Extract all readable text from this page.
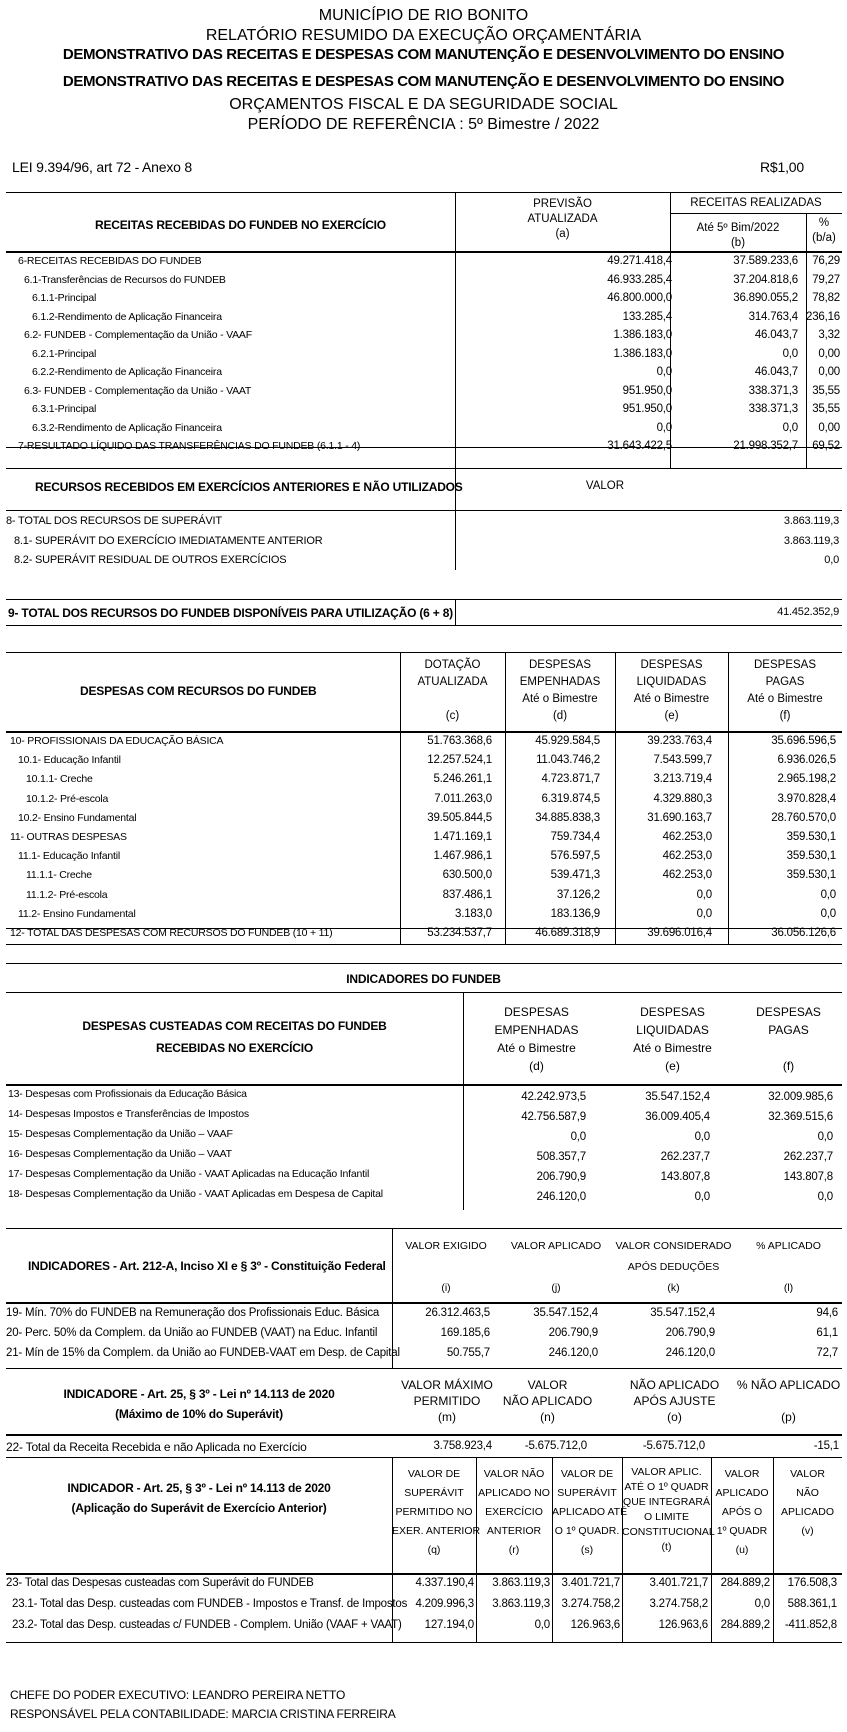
MUNICÍPIO DE RIO BONITO
RELATÓRIO RESUMIDO DA EXECUÇÃO ORÇAMENTÁRIA
DEMONSTRATIVO DAS RECEITAS E DESPESAS COM MANUTENÇÃO E DESENVOLVIMENTO DO ENSINO
DEMONSTRATIVO DAS RECEITAS E DESPESAS COM MANUTENÇÃO E DESENVOLVIMENTO DO ENSINO
ORÇAMENTOS FISCAL E DA SEGURIDADE SOCIAL
PERÍODO DE REFERÊNCIA : 5º Bimestre / 2022
LEI 9.394/96, art 72 - Anexo 8	R$1,00
RECEITAS RECEBIDAS DO FUNDEB NO EXERCÍCIO
PREVISÃO
ATUALIZADA
(a)
RECEITAS REALIZADAS
Até 5º Bim/2022
(b)
%
(b/a)
6-RECEITAS RECEBIDAS DO FUNDEB	49.271.418,4	37.589.233,6 76,29
6.1-Transferências de Recursos do FUNDEB	46.933.285,4	37.204.818,6 79,27
6.1.1-Principal	46.800.000,0	36.890.055,2 78,82
6.1.2-Rendimento de Aplicação Financeira	133.285,4	314.763,4 236,16
6.2- FUNDEB - Complementação da União - VAAF	1.386.183,0	46.043,7 3,32
6.2.1-Principal	1.386.183,0	0,0 0,00
6.2.2-Rendimento de Aplicação Financeira	0,0	46.043,7 0,00
6.3- FUNDEB - Complementação da União - VAAT	951.950,0	338.371,3 35,55
6.3.1-Principal	951.950,0	338.371,3 35,55
6.3.2-Rendimento de Aplicação Financeira	0,0	0,0 0,00
7-RESULTADO LÍQUIDO DAS TRANSFERÊNCIAS DO FUNDEB (6.1.1 - 4)	31.643.422,5	21.998.352,7 69,52
RECURSOS RECEBIDOS EM EXERCÍCIOS ANTERIORES E NÃO UTILIZADOS	VALOR
8- TOTAL DOS RECURSOS DE SUPERÁVIT	3.863.119,3
8.1- SUPERÁVIT DO EXERCÍCIO IMEDIATAMENTE ANTERIOR	3.863.119,3
8.2- SUPERÁVIT RESIDUAL DE OUTROS EXERCÍCIOS	0,0
9- TOTAL DOS RECURSOS DO FUNDEB DISPONÍVEIS PARA UTILIZAÇÃO (6 + 8)	41.452.352,9
DESPESAS COM RECURSOS DO FUNDEB
DOTAÇÃO
ATUALIZADA

(c)
DESPESAS
EMPENHADAS
Até o Bimestre
(d)
DESPESAS
LIQUIDADAS
Até o Bimestre
(e)
DESPESAS
PAGAS
Até o Bimestre
(f)
10- PROFISSIONAIS DA EDUCAÇÃO BÁSICA	51.763.368,6	45.929.584,5	39.233.763,4	35.696.596,5
10.1- Educação Infantil	12.257.524,1	11.043.746,2	7.543.599,7	6.936.026,5
10.1.1- Creche	5.246.261,1	4.723.871,7	3.213.719,4	2.965.198,2
10.1.2- Pré-escola	7.011.263,0	6.319.874,5	4.329.880,3	3.970.828,4
10.2- Ensino Fundamental	39.505.844,5	34.885.838,3	31.690.163,7	28.760.570,0
11- OUTRAS DESPESAS	1.471.169,1	759.734,4	462.253,0	359.530,1
11.1- Educação Infantil	1.467.986,1	576.597,5	462.253,0	359.530,1
11.1.1- Creche	630.500,0	539.471,3	462.253,0	359.530,1
11.1.2- Pré-escola	837.486,1	37.126,2	0,0	0,0
11.2- Ensino Fundamental	3.183,0	183.136,9	0,0	0,0
12- TOTAL DAS DESPESAS COM RECURSOS DO FUNDEB (10 + 11)	53.234.537,7	46.689.318,9	39.696.016,4	36.056.126,6
INDICADORES DO FUNDEB
DESPESAS CUSTEADAS COM RECEITAS DO FUNDEB
RECEBIDAS NO EXERCÍCIO
DESPESAS
EMPENHADAS
Até o Bimestre
(d)
DESPESAS
LIQUIDADAS
Até o Bimestre
(e)
DESPESAS
PAGAS

(f)
13- Despesas com Profissionais da Educação Básica	42.242.973,5	35.547.152,4	32.009.985,6
14- Despesas Impostos e Transferências de Impostos	42.756.587,9	36.009.405,4	32.369.515,6
15- Despesas Complementação da União – VAAF	0,0	0,0	0,0
16- Despesas Complementação da União – VAAT	508.357,7	262.237,7	262.237,7
17- Despesas Complementação da União - VAAT Aplicadas na Educação Infantil	206.790,9	143.807,8	143.807,8
18- Despesas Complementação da União - VAAT Aplicadas em Despesa de Capital	246.120,0	0,0	0,0
INDICADORES - Art. 212-A, Inciso XI e § 3º - Constituição Federal
VALOR EXIGIDO

(i)
VALOR APLICADO

(j)
VALOR CONSIDERADO
APÓS DEDUÇÕES
(k)
% APLICADO

(l)
19- Mín. 70% do FUNDEB na Remuneração dos Profissionais Educ. Básica	26.312.463,5	35.547.152,4	35.547.152,4	94,6
20- Perc. 50% da Complem. da União ao FUNDEB (VAAT) na Educ. Infantil	169.185,6	206.790,9	206.790,9	61,1
21- Mín de 15% da Complem. da União ao FUNDEB-VAAT em Desp. de Capital	50.755,7	246.120,0	246.120,0	72,7
INDICADORE - Art. 25, § 3º - Lei nº 14.113 de 2020
(Máximo de 10% do Superávit)
VALOR MÁXIMO
PERMITIDO
(m)
VALOR
NÃO APLICADO
(n)
NÃO APLICADO
APÓS AJUSTE
(o)
% NÃO APLICADO

(p)
22- Total da Receita Recebida e não Aplicada no Exercício	3.758.923,4	-5.675.712,0	-5.675.712,0	-15,1
INDICADOR - Art. 25, § 3º - Lei nº 14.113 de 2020
(Aplicação do Superávit de Exercício Anterior)
VALOR DE
SUPERÁVIT
PERMITIDO NO
EXER. ANTERIOR
(q)
VALOR NÃO
APLICADO NO
EXERCÍCIO
ANTERIOR
(r)
VALOR DE
SUPERÁVIT
APLICADO ATÉ
O 1º QUADR.
(s)
VALOR APLIC.
ATÉ O 1º QUADR
QUE INTEGRARÁ
O LIMITE
CONSTITUCIONAL
(t)
VALOR
APLICADO
APÓS O
1º QUADR
(u)
VALOR
NÃO
APLICADO
(v)
23- Total das Despesas custeadas com Superávit do FUNDEB	4.337.190,4 3.863.119,3 3.401.721,7	3.401.721,7 284.889,2 176.508,3
23.1- Total das Desp. custeadas com FUNDEB - Impostos e Transf. de Impostos 4.209.996,3 3.863.119,3 3.274.758,2	3.274.758,2	0,0 588.361,1
23.2- Total das Desp. custeadas c/ FUNDEB - Complem. União (VAAF + VAAT) 127.194,0	0,0 126.963,6	126.963,6 284.889,2 -411.852,8
CHEFE DO PODER EXECUTIVO: LEANDRO PEREIRA NETTO
RESPONSÁVEL PELA CONTABILIDADE: MARCIA CRISTINA FERREIRA
